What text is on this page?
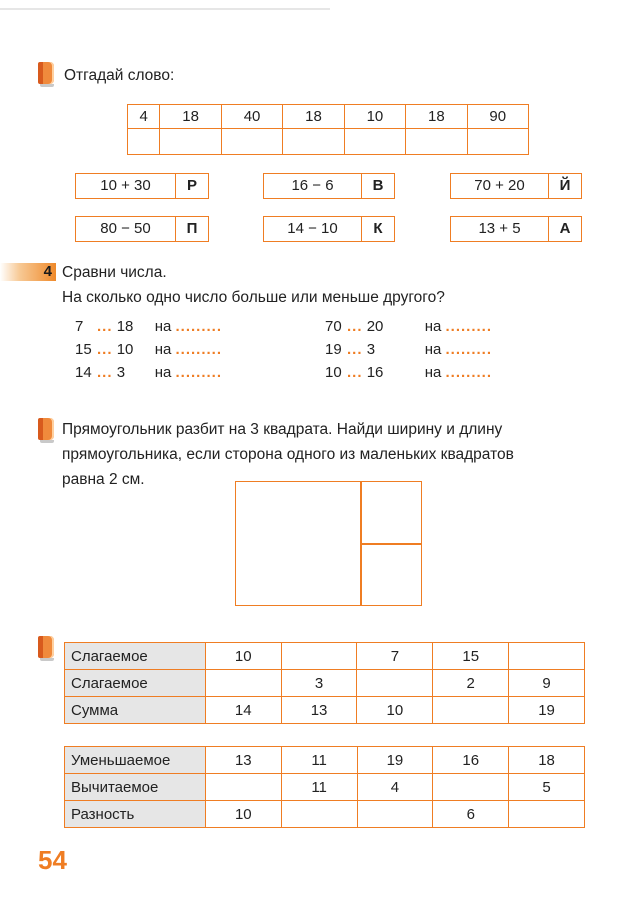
Отгадай слово:
4	18	40	18	10	18	90

10 + 30	Р	16 − 6	В	70 + 20	Й
80 − 50	П	14 − 10	К	13 + 5	А
4 Сравни числа.
На сколько одно число больше или меньше другого?
7 ... 18 на .........
15 ... 10 на .........
14 ... 3 на .........
70 ... 20	на .........
19 ... 3	на .........
10 ... 16	на .........
Прямоугольник разбит на 3 квадрата. Найди ширину и длину
прямоугольника, если сторона одного из маленьких квадратов
равна 2 см.
Слагаемое	10		7	15	
Слагаемое		3		2	9
Сумма	14	13	10		19
Уменьшаемое	13	11	19	16	18
Вычитаемое		11	4		5
Разность	10			6	
54
